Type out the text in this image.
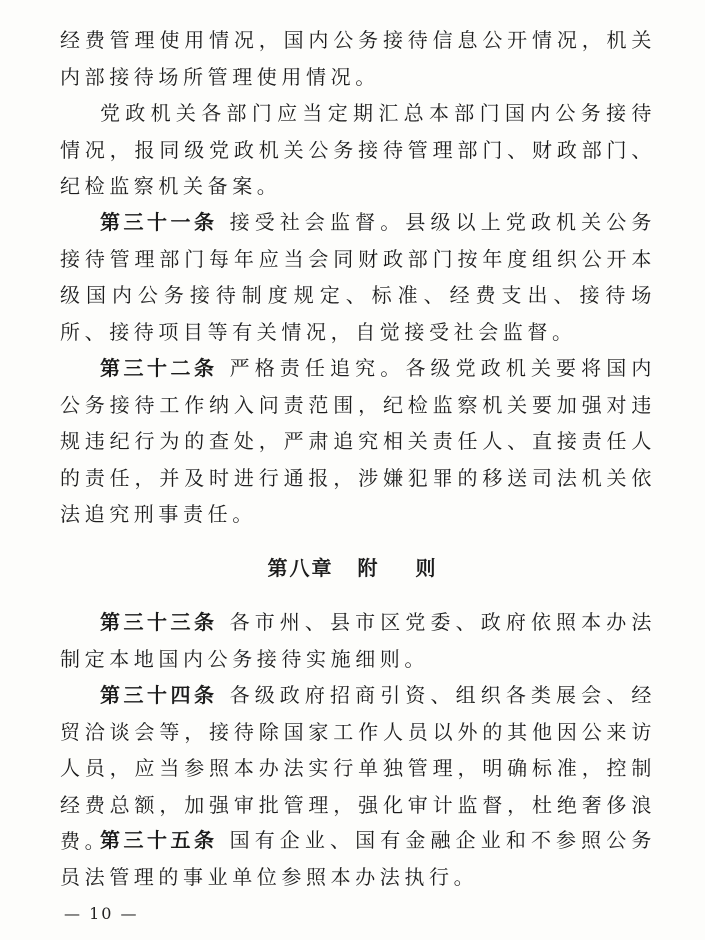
经费管理使用情况，国内公务接待信息公开情况，机关内部接待场所管理使用情况。

党政机关各部门应当定期汇总本部门国内公务接待情况，报同级党政机关公务接待管理部门、财政部门、纪检监察机关备案。

第三十一条 接受社会监督。县级以上党政机关公务接待管理部门每年应当会同财政部门按年度组织公开本级国内公务接待制度规定、标准、经费支出、接待场所、接待项目等有关情况，自觉接受社会监督。

第三十二条 严格责任追究。各级党政机关要将国内公务接待工作纳入问责范围，纪检监察机关要加强对违规违纪行为的查处，严肃追究相关责任人、直接责任人的责任，并及时进行通报，涉嫌犯罪的移送司法机关依法追究刑事责任。

第八章 附 则

第三十三条 各市州、县市区党委、政府依照本办法制定本地国内公务接待实施细则。

第三十四条 各级政府招商引资、组织各类展会、经贸洽谈会等，接待除国家工作人员以外的其他因公来访人员，应当参照本办法实行单独管理，明确标准，控制经费总额，加强审批管理，强化审计监督，杜绝奢侈浪费。

第三十五条 国有企业、国有金融企业和不参照公务员法管理的事业单位参照本办法执行。

— 10 —
